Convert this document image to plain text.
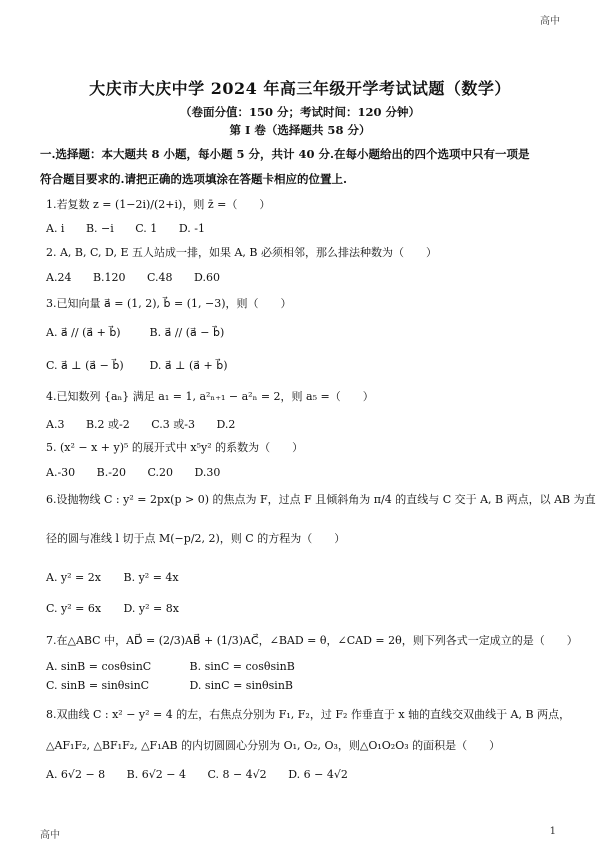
高中
大庆市大庆中学 2024 年高三年级开学考试试题（数学）
（卷面分值：150 分；考试时间：120 分钟）
第 I 卷（选择题共 58 分）
一.选择题：本大题共 8 小题，每小题 5 分，共计 40 分.在每小题给出的四个选项中只有一项是
符合题目要求的.请把正确的选项填涂在答题卡相应的位置上.
1.若复数 z = (1−2i)/(2+i)，则 z̄ =（　　）
A. i B. −i C. 1 D. -1
2. A, B, C, D, E 五人站成一排，如果 A, B 必须相邻，那么排法种数为（　　）
A.24 B.120 C.48 D.60
3.已知向量 a⃗ = (1, 2), b⃗ = (1, −3)，则（　　）
A. a⃗ // (a⃗ + b⃗)	B. a⃗ // (a⃗ − b⃗)
C. a⃗ ⊥ (a⃗ − b⃗) D. a⃗ ⊥ (a⃗ + b⃗)
4.已知数列 {aₙ} 满足 a₁ = 1, a²ₙ₊₁ − a²ₙ = 2，则 a₅ =（　　）
A.3 B.2 或-2 C.3 或-3 D.2
5. (x² − x + y)⁵ 的展开式中 x⁵y² 的系数为（　　）
A.-30 B.-20 C.20 D.30
6.设抛物线 C : y² = 2px(p > 0) 的焦点为 F，过点 F 且倾斜角为 π/4 的直线与 C 交于 A, B 两点，以 AB 为直
径的圆与准线 l 切于点 M(−p/2, 2)，则 C 的方程为（　　）
A. y² = 2x B. y² = 4x
C. y² = 6x D. y² = 8x
7.在△ABC 中，AD⃗ = (2/3)AB⃗ + (1/3)AC⃗，∠BAD = θ，∠CAD = 2θ，则下列各式一定成立的是（　　）
A. sinB = cosθsinC	B. sinC = cosθsinB
C. sinB = sinθsinC	D. sinC = sinθsinB
8.双曲线 C : x² − y² = 4 的左，右焦点分别为 F₁, F₂，过 F₂ 作垂直于 x 轴的直线交双曲线于 A, B 两点，
△AF₁F₂, △BF₁F₂, △F₁AB 的内切圆圆心分别为 O₁, O₂, O₃，则△O₁O₂O₃ 的面积是（　　）
A. 6√2 − 8 B. 6√2 − 4 C. 8 − 4√2 D. 6 − 4√2
高中	1
